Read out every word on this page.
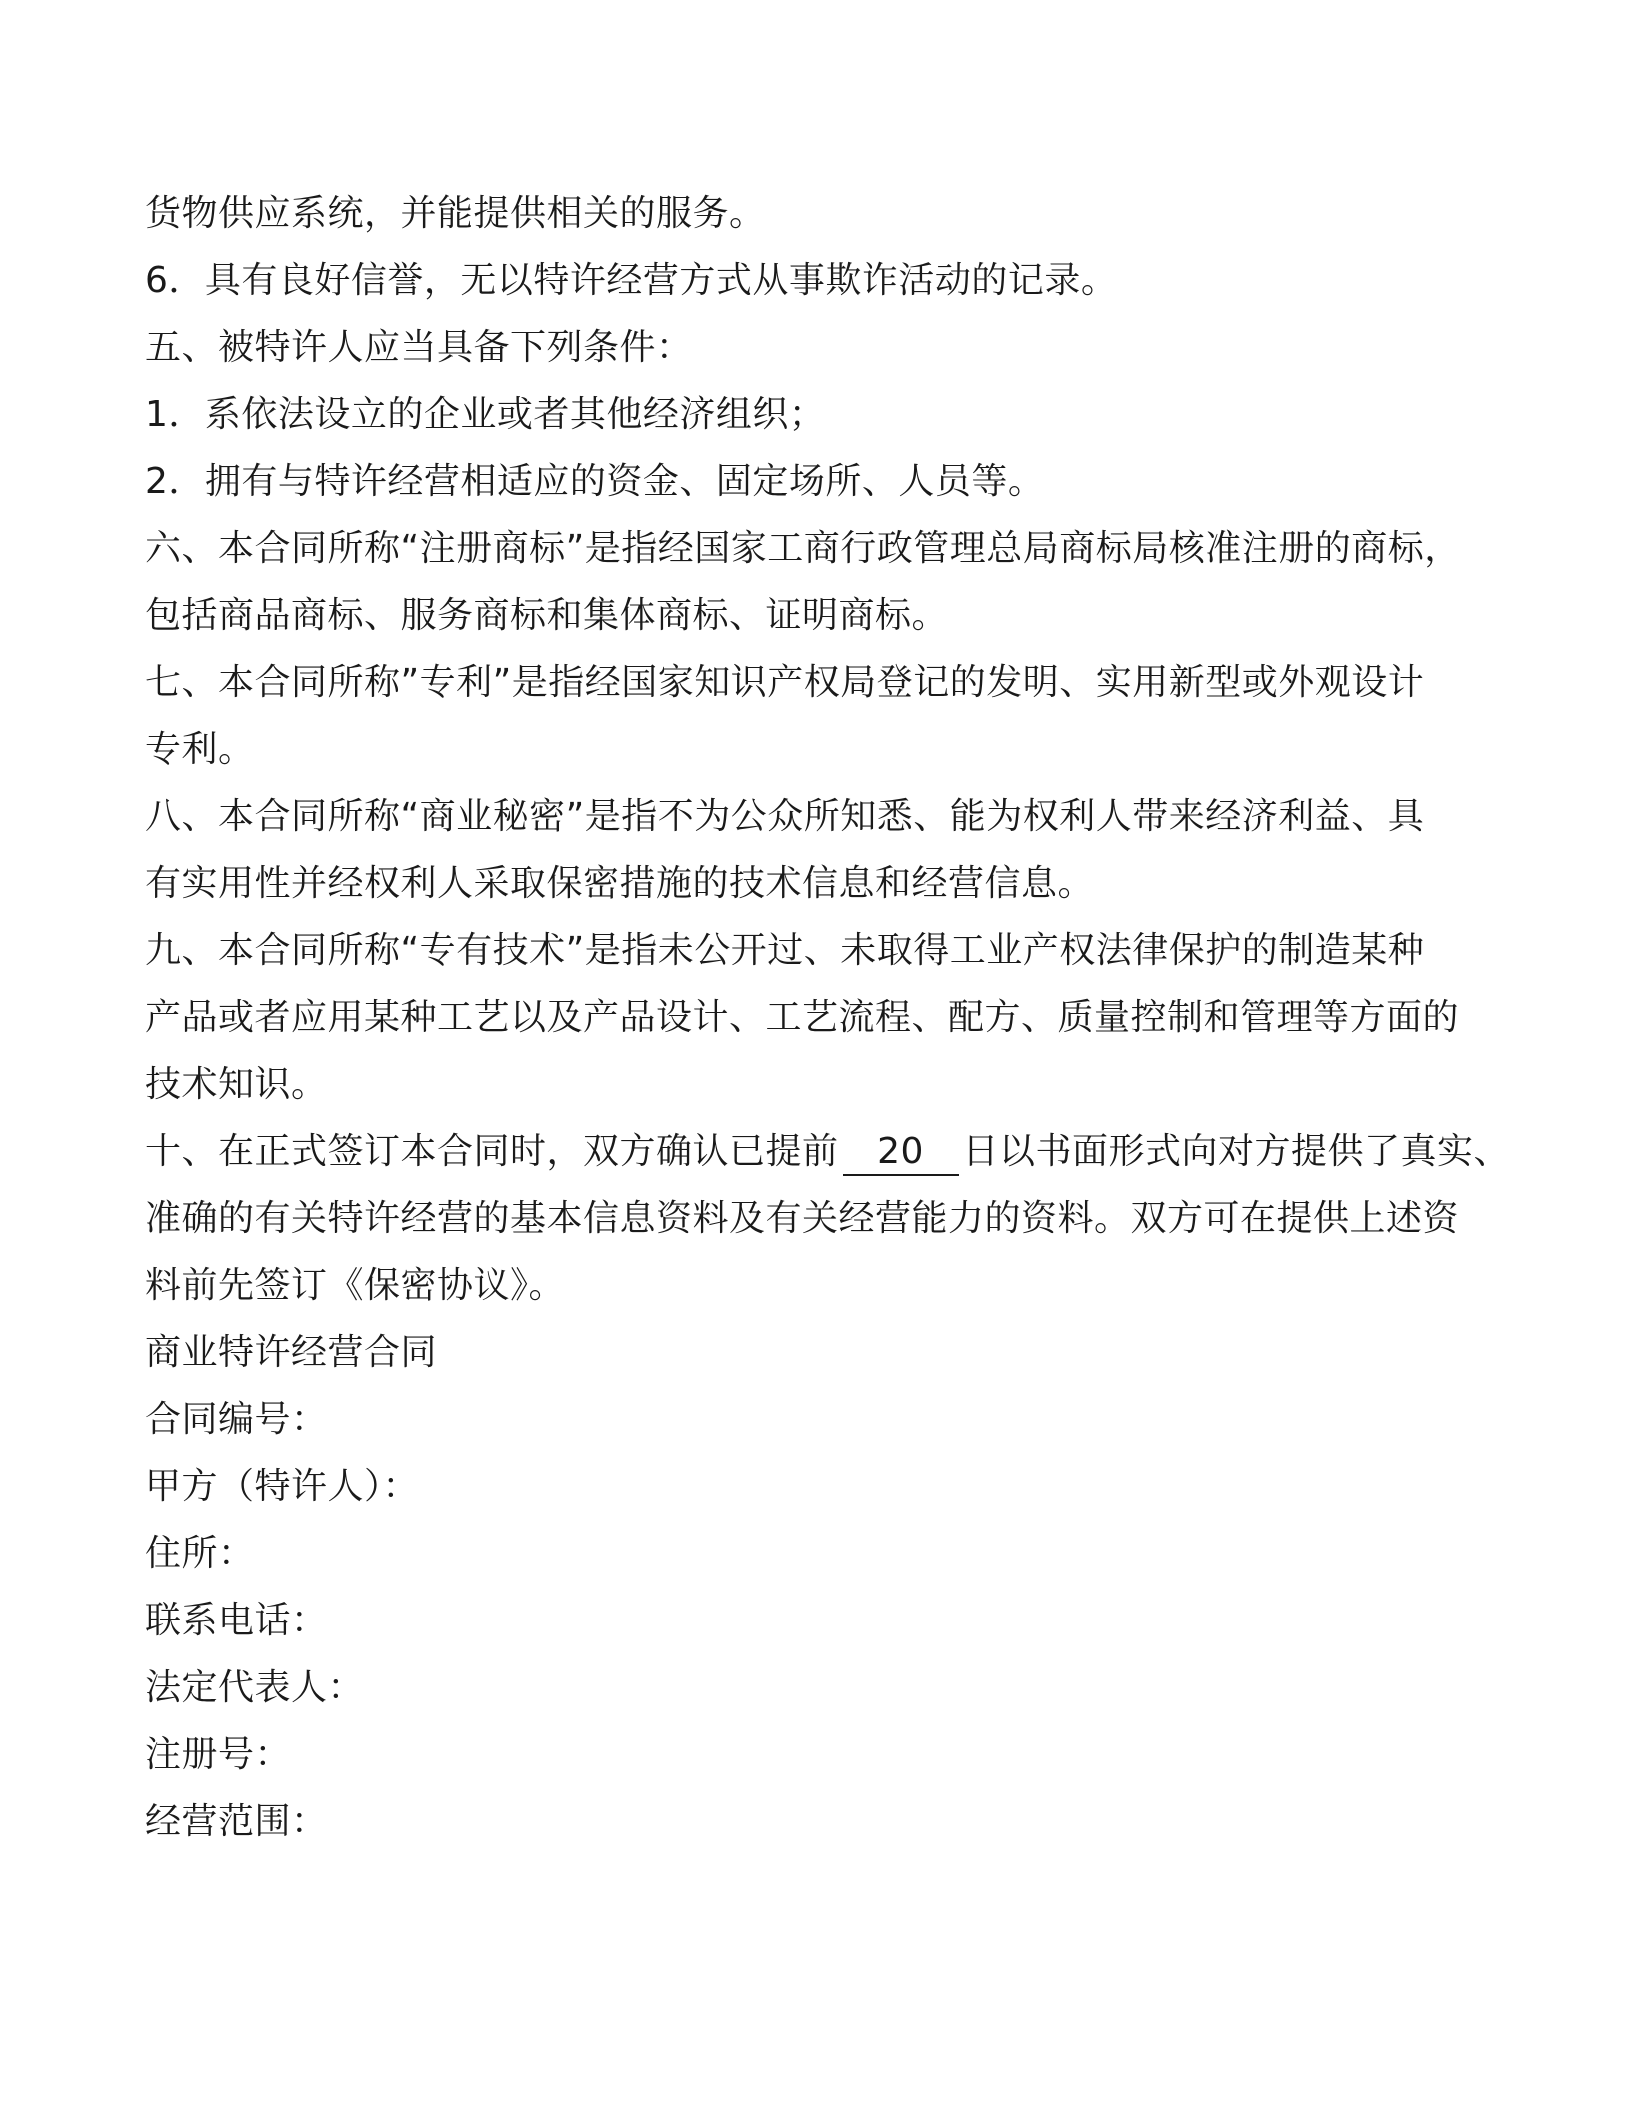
货物供应系统，并能提供相关的服务。
6．具有良好信誉，无以特许经营方式从事欺诈活动的记录。
五、被特许人应当具备下列条件：
1．系依法设立的企业或者其他经济组织；
2．拥有与特许经营相适应的资金、固定场所、人员等。
六、本合同所称“注册商标”是指经国家工商行政管理总局商标局核准注册的商标，
包括商品商标、服务商标和集体商标、证明商标。
七、本合同所称”专利”是指经国家知识产权局登记的发明、实用新型或外观设计
专利。
八、本合同所称“商业秘密”是指不为公众所知悉、能为权利人带来经济利益、具
有实用性并经权利人采取保密措施的技术信息和经营信息。
九、本合同所称“专有技术”是指未公开过、未取得工业产权法律保护的制造某种
产品或者应用某种工艺以及产品设计、工艺流程、配方、质量控制和管理等方面的
技术知识。
十、在正式签订本合同时，双方确认已提前 20 日以书面形式向对方提供了真实、
准确的有关特许经营的基本信息资料及有关经营能力的资料。双方可在提供上述资
料前先签订《保密协议》。
商业特许经营合同
合同编号：
甲方（特许人）：
住所：
联系电话：
法定代表人：
注册号：
经营范围：
